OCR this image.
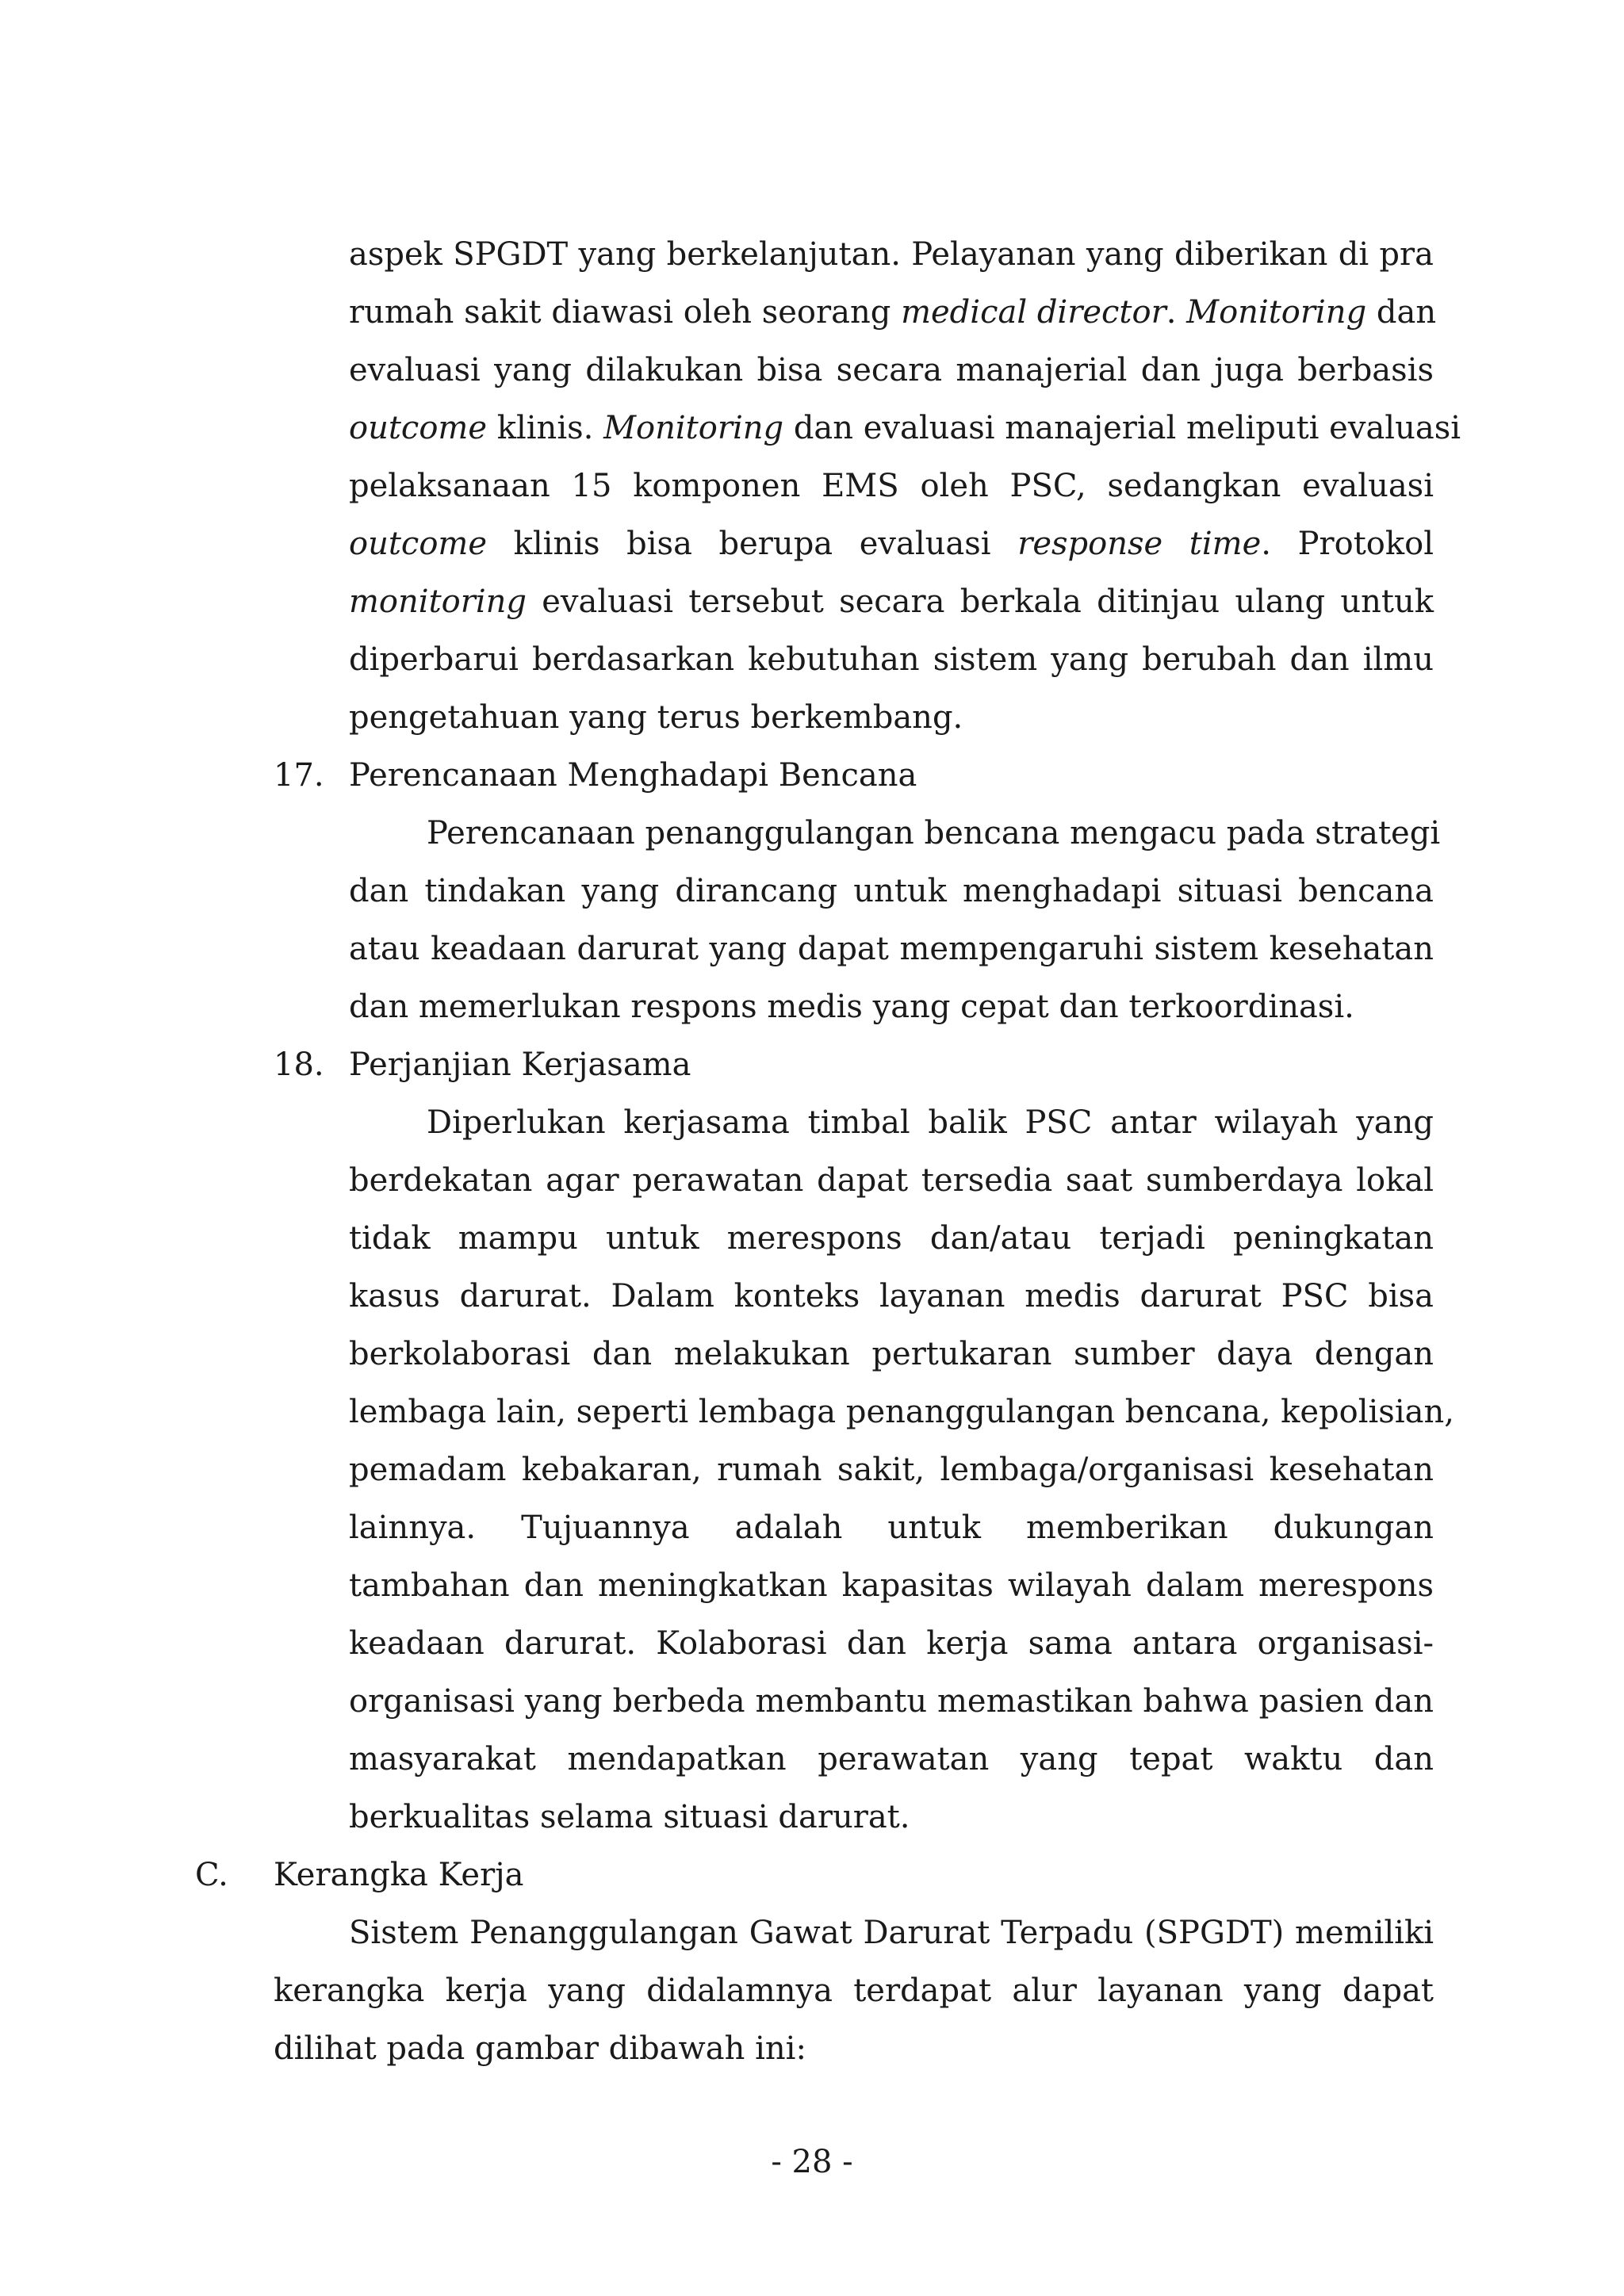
aspek SPGDT yang berkelanjutan. Pelayanan yang diberikan di pra
rumah sakit diawasi oleh seorang medical director. Monitoring dan
evaluasi yang dilakukan bisa secara manajerial dan juga berbasis
outcome klinis. Monitoring dan evaluasi manajerial meliputi evaluasi
pelaksanaan 15 komponen EMS oleh PSC, sedangkan evaluasi
outcome klinis bisa berupa evaluasi response time. Protokol
monitoring evaluasi tersebut secara berkala ditinjau ulang untuk
diperbarui berdasarkan kebutuhan sistem yang berubah dan ilmu
pengetahuan yang terus berkembang.
17. Perencanaan Menghadapi Bencana
Perencanaan penanggulangan bencana mengacu pada strategi
dan tindakan yang dirancang untuk menghadapi situasi bencana
atau keadaan darurat yang dapat mempengaruhi sistem kesehatan
dan memerlukan respons medis yang cepat dan terkoordinasi.
18. Perjanjian Kerjasama
Diperlukan kerjasama timbal balik PSC antar wilayah yang
berdekatan agar perawatan dapat tersedia saat sumberdaya lokal
tidak mampu untuk merespons dan/atau terjadi peningkatan
kasus darurat. Dalam konteks layanan medis darurat PSC bisa
berkolaborasi dan melakukan pertukaran sumber daya dengan
lembaga lain, seperti lembaga penanggulangan bencana, kepolisian,
pemadam kebakaran, rumah sakit, lembaga/organisasi kesehatan
lainnya. Tujuannya adalah untuk memberikan dukungan
tambahan dan meningkatkan kapasitas wilayah dalam merespons
keadaan darurat. Kolaborasi dan kerja sama antara organisasi-
organisasi yang berbeda membantu memastikan bahwa pasien dan
masyarakat mendapatkan perawatan yang tepat waktu dan
berkualitas selama situasi darurat.
C. Kerangka Kerja
Sistem Penanggulangan Gawat Darurat Terpadu (SPGDT) memiliki
kerangka kerja yang didalamnya terdapat alur layanan yang dapat
dilihat pada gambar dibawah ini:
- 28 -
